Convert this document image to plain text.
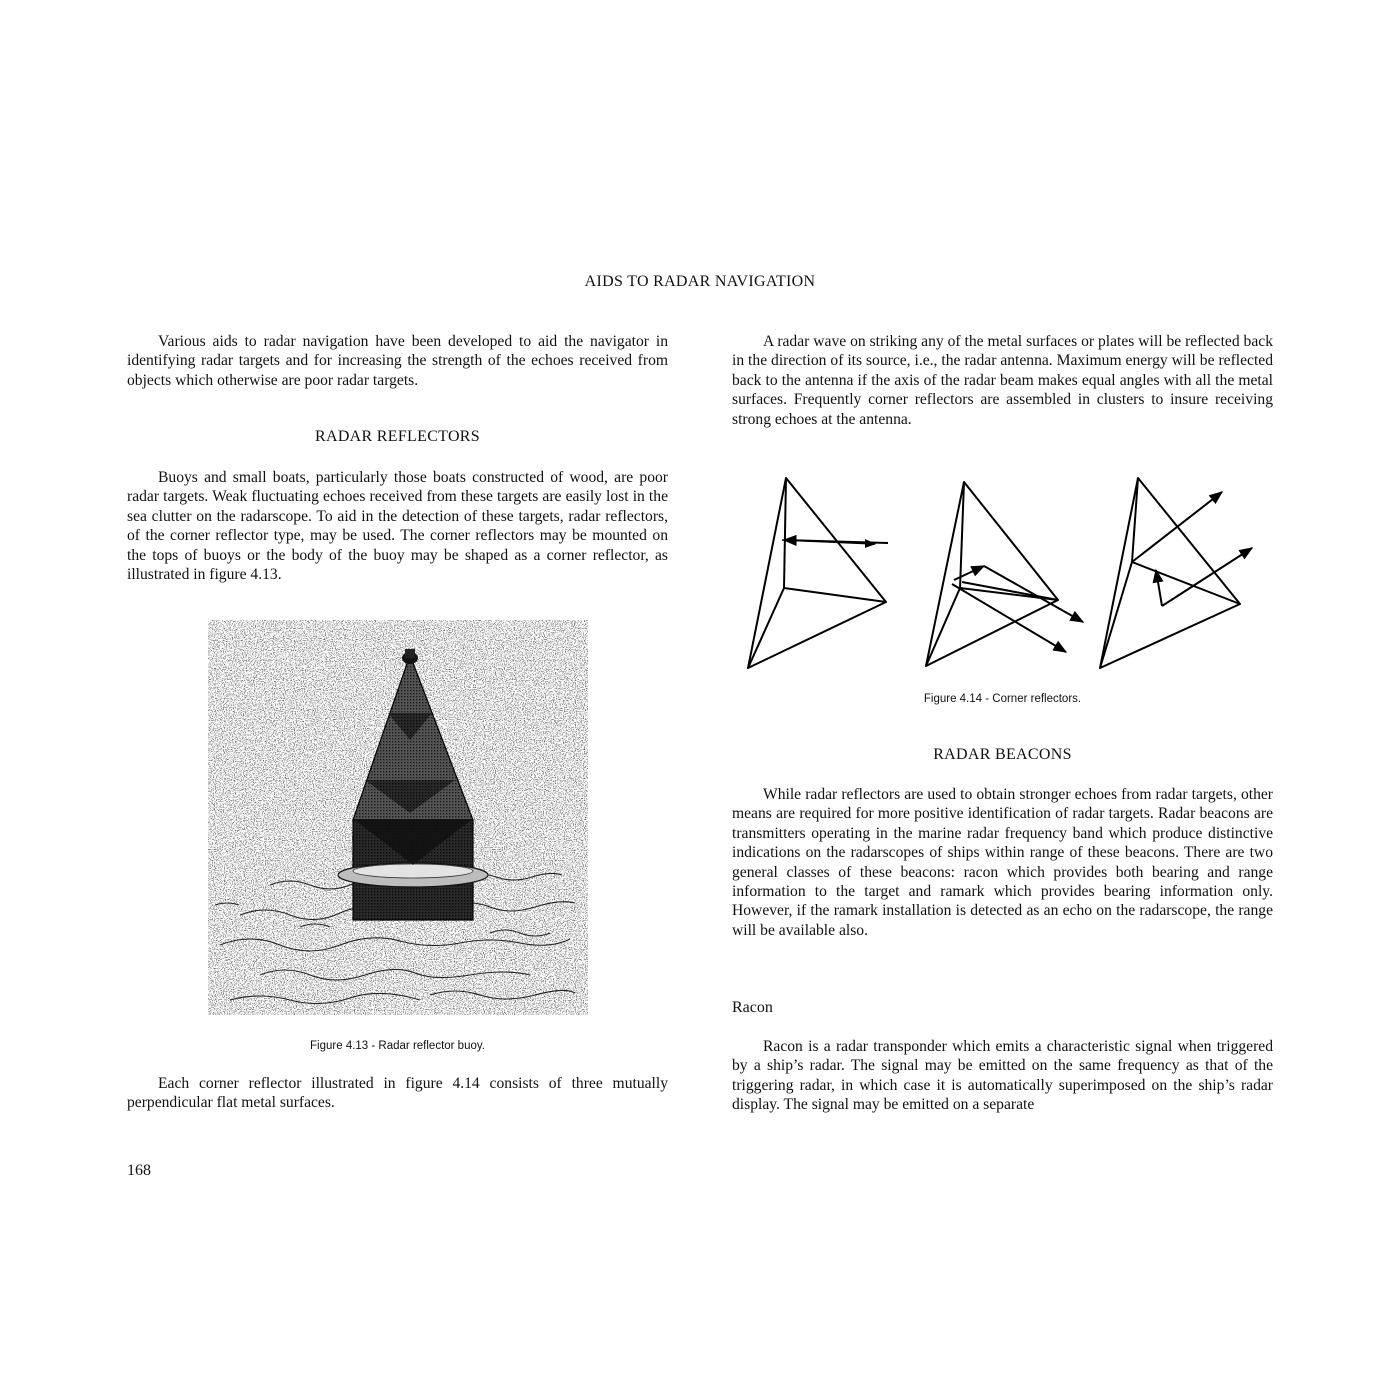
AIDS TO RADAR NAVIGATION

Various aids to radar navigation have been developed to aid the navigator in identifying radar targets and for increasing the strength of the echoes received from objects which otherwise are poor radar targets.

RADAR REFLECTORS

Buoys and small boats, particularly those boats constructed of wood, are poor radar targets. Weak fluctuating echoes received from these targets are easily lost in the sea clutter on the radarscope. To aid in the detection of these targets, radar reflectors, of the corner reflector type, may be used. The corner reflectors may be mounted on the tops of buoys or the body of the buoy may be shaped as a corner reflector, as illustrated in figure 4.13.

Figure 4.13 - Radar reflector buoy.

Each corner reflector illustrated in figure 4.14 consists of three mutually perpendicular flat metal surfaces.

A radar wave on striking any of the metal surfaces or plates will be reflected back in the direction of its source, i.e., the radar antenna. Maximum energy will be reflected back to the antenna if the axis of the radar beam makes equal angles with all the metal surfaces. Frequently corner reflectors are assembled in clusters to insure receiving strong echoes at the antenna.

Figure 4.14 - Corner reflectors.
RADAR BEACONS

While radar reflectors are used to obtain stronger echoes from radar targets, other means are required for more positive identification of radar targets. Radar beacons are transmitters operating in the marine radar frequency band which produce distinctive indications on the radarscopes of ships within range of these beacons. There are two general classes of these beacons: racon which provides both bearing and range information to the target and ramark which provides bearing information only. However, if the ramark installation is detected as an echo on the radarscope, the range will be available also.

Racon

Racon is a radar transponder which emits a characteristic signal when triggered by a ship’s radar. The signal may be emitted on the same frequency as that of the triggering radar, in which case it is automatically superimposed on the ship’s radar display. The signal may be emitted on a separate

168
